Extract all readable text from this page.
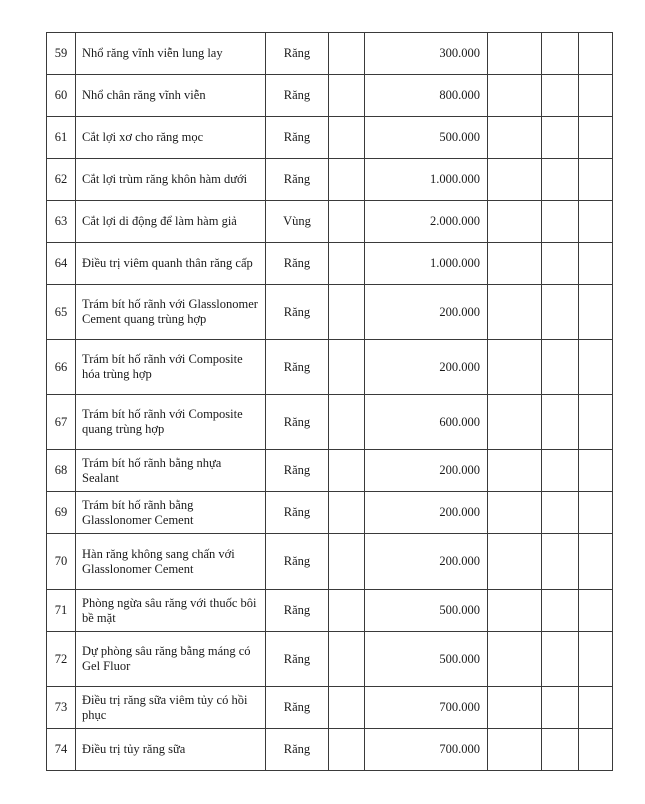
59	Nhổ răng vĩnh viễn lung lay	Răng		300.000			

60	Nhổ chân răng vĩnh viễn	Răng		800.000			

61	Cắt lợi xơ cho răng mọc	Răng		500.000			

62	Cắt lợi trùm răng khôn hàm dưới	Răng		1.000.000			

63	Cắt lợi di động để làm hàm giả	Vùng		2.000.000			

64	Điều trị viêm quanh thân răng cấp	Răng		1.000.000			

65	Trám bít hố rãnh với Glasslonomer Cement quang trùng hợp	Răng		200.000			

66	Trám bít hố rãnh với Composite hóa trùng hợp	Răng		200.000			

67	Trám bít hố rãnh với Composite quang trùng hợp	Răng		600.000			

68	Trám bít hố rãnh bằng nhựa Sealant	Răng		200.000			

69	Trám bít hố rãnh bằng Glasslonomer Cement	Răng		200.000			

70	Hàn răng không sang chấn với Glasslonomer Cement	Răng		200.000			

71	Phòng ngừa sâu răng với thuốc bôi bề mặt	Răng		500.000			

72	Dự phòng sâu răng bằng máng có Gel Fluor	Răng		500.000			

73	Điều trị răng sữa viêm tủy có hồi phục	Răng		700.000			

74	Điều trị tủy răng sữa	Răng		700.000			
